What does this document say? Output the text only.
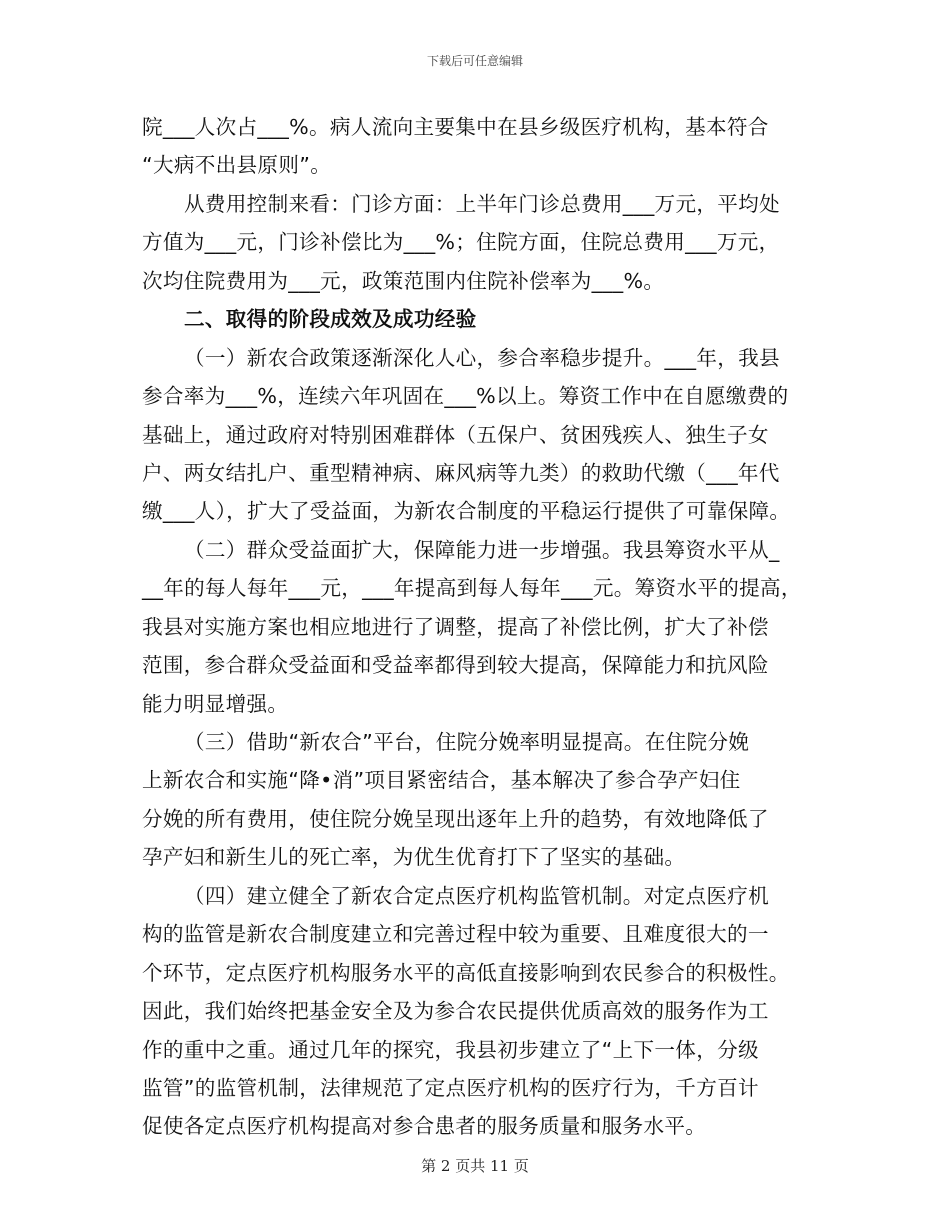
下载后可任意编辑
院___人次占___%。病人流向主要集中在县乡级医疗机构，基本符合
“大病不出县原则”。
从费用控制来看：门诊方面：上半年门诊总费用___万元，平均处
方值为___元，门诊补偿比为___%；住院方面，住院总费用___万元，
次均住院费用为___元，政策范围内住院补偿率为___%。
二、取得的阶段成效及成功经验
（一）新农合政策逐渐深化人心，参合率稳步提升。___年，我县
参合率为___%，连续六年巩固在___%以上。筹资工作中在自愿缴费的
基础上，通过政府对特别困难群体（五保户、贫困残疾人、独生子女
户、两女结扎户、重型精神病、麻风病等九类）的救助代缴（___年代
缴___人），扩大了受益面，为新农合制度的平稳运行提供了可靠保障。
（二）群众受益面扩大，保障能力进一步增强。我县筹资水平从_
__年的每人每年___元，___年提高到每人每年___元。筹资水平的提高，
我县对实施方案也相应地进行了调整，提高了补偿比例，扩大了补偿
范围，参合群众受益面和受益率都得到较大提高，保障能力和抗风险
能力明显增强。
（三）借助“新农合”平台，住院分娩率明显提高。在住院分娩
上新农合和实施“降•消”项目紧密结合，基本解决了参合孕产妇住
分娩的所有费用，使住院分娩呈现出逐年上升的趋势，有效地降低了
孕产妇和新生儿的死亡率，为优生优育打下了坚实的基础。
（四）建立健全了新农合定点医疗机构监管机制。对定点医疗机
构的监管是新农合制度建立和完善过程中较为重要、且难度很大的一
个环节，定点医疗机构服务水平的高低直接影响到农民参合的积极性。
因此，我们始终把基金安全及为参合农民提供优质高效的服务作为工
作的重中之重。通过几年的探究，我县初步建立了“上下一体，分级
监管”的监管机制，法律规范了定点医疗机构的医疗行为，千方百计
促使各定点医疗机构提高对参合患者的服务质量和服务水平。
第 2 页共 11 页
